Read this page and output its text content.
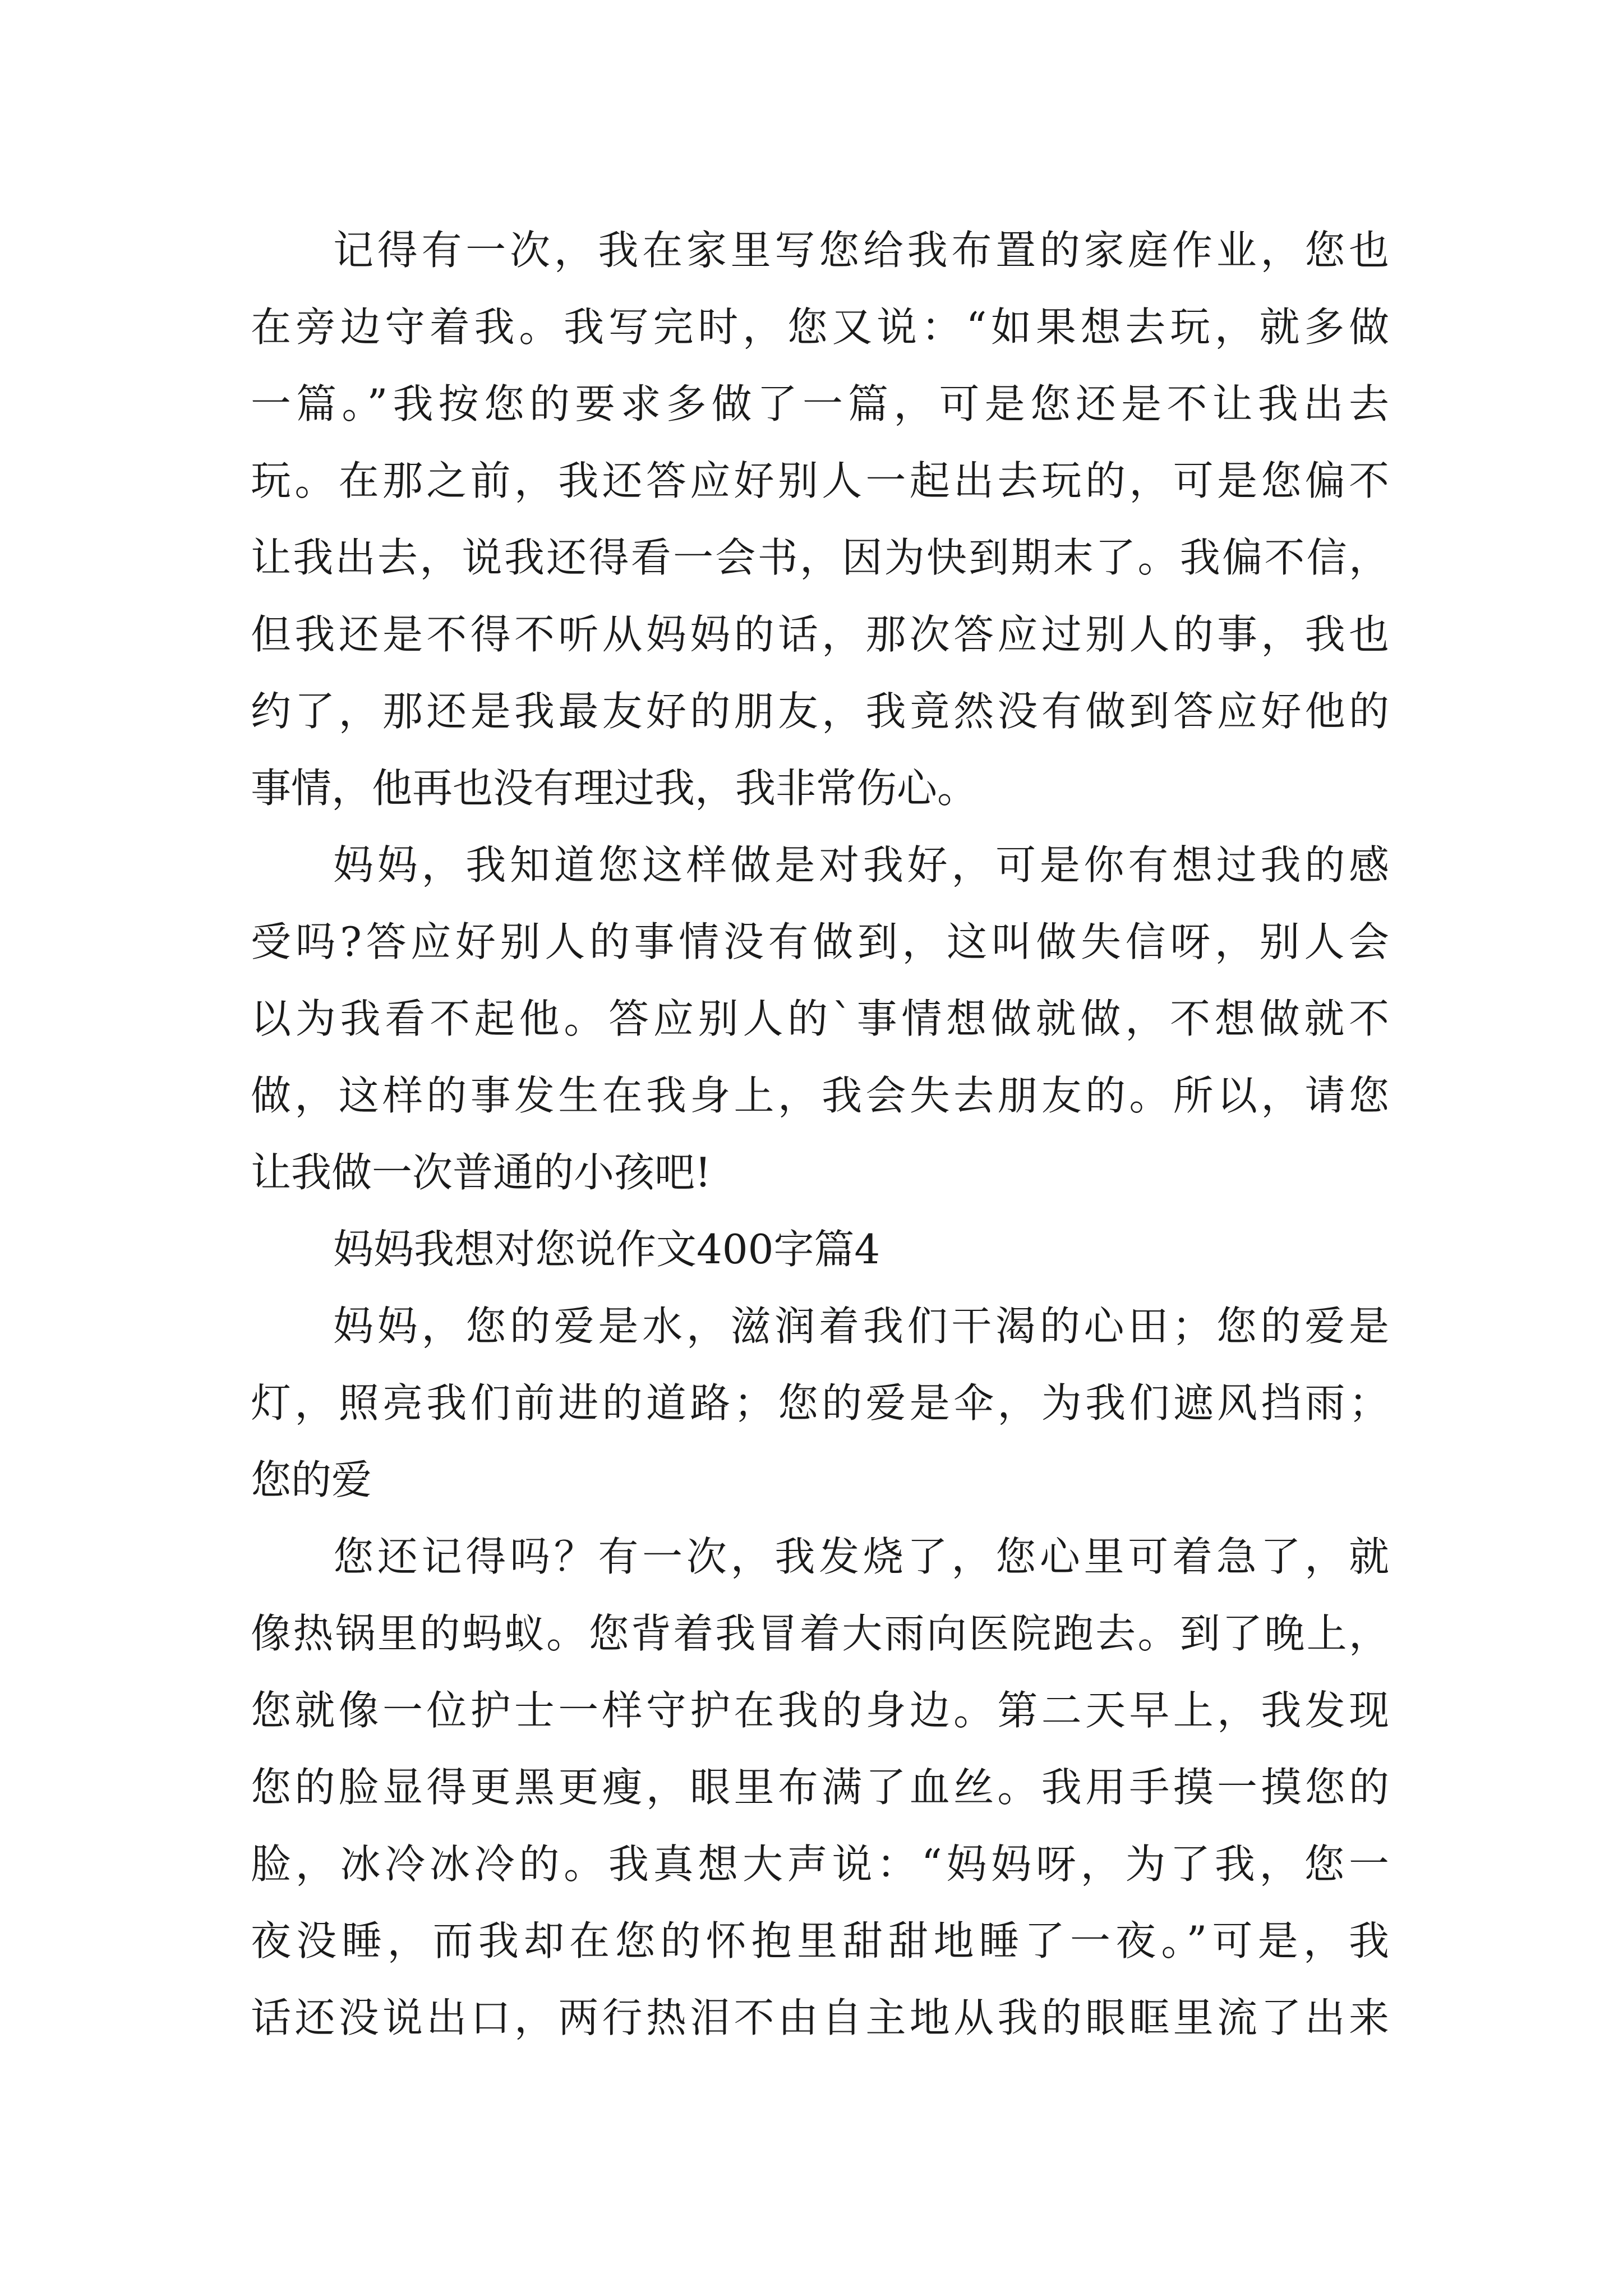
记得有一次，我在家里写您给我布置的家庭作业，您也
在旁边守着我。我写完时，您又说：“如果想去玩，就多做
一篇。”我按您的要求多做了一篇，可是您还是不让我出去
玩。在那之前，我还答应好别人一起出去玩的，可是您偏不
让我出去，说我还得看一会书，因为快到期末了。我偏不信，
但我还是不得不听从妈妈的话，那次答应过别人的事，我也
约了，那还是我最友好的朋友，我竟然没有做到答应好他的
事情，他再也没有理过我，我非常伤心。
妈妈，我知道您这样做是对我好，可是你有想过我的感
受吗?答应好别人的事情没有做到，这叫做失信呀，别人会
以为我看不起他。答应别人的`事情想做就做，不想做就不
做，这样的事发生在我身上，我会失去朋友的。所以，请您
让我做一次普通的小孩吧!
妈妈我想对您说作文400字篇4
妈妈，您的爱是水，滋润着我们干渴的心田；您的爱是
灯，照亮我们前进的道路；您的爱是伞，为我们遮风挡雨；
您的爱
您还记得吗？有一次，我发烧了，您心里可着急了，就
像热锅里的蚂蚁。您背着我冒着大雨向医院跑去。到了晚上，
您就像一位护士一样守护在我的身边。第二天早上，我发现
您的脸显得更黑更瘦，眼里布满了血丝。我用手摸一摸您的
脸，冰冷冰冷的。我真想大声说：“妈妈呀，为了我，您一
夜没睡，而我却在您的怀抱里甜甜地睡了一夜。”可是，我
话还没说出口，两行热泪不由自主地从我的眼眶里流了出来
